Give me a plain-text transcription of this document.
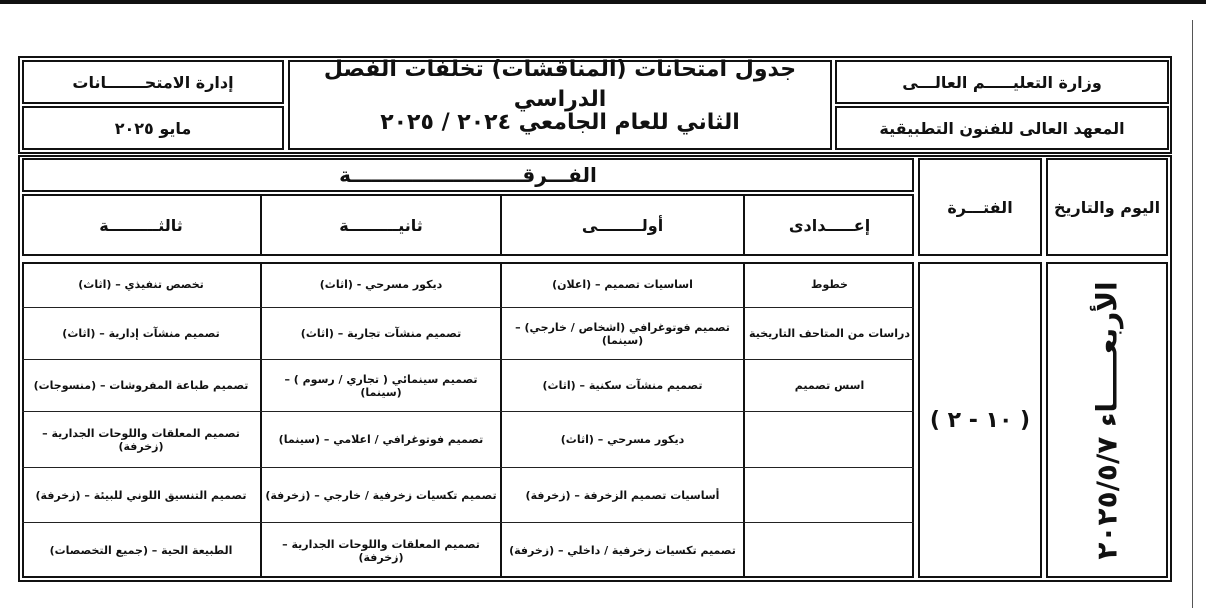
وزارة التعليـــــم العالـــى
المعهد العالى للفنون التطبيقية
جدول امتحانات (المناقشات) تخلفات الفصل الدراسي
الثاني للعام الجامعي ٢٠٢٤ / ٢٠٢٥
إدارة الامتحـــــــانات
مايو ٢٠٢٥
اليوم والتاريخ
الفتـــرة
الفـــرقـــــــــــــــــــــــــة
إعـــــدادى
أولــــــــى
ثانيـــــــــة
ثالثـــــــــة
الأربعـــــاء ٢٠٢٥/٥/٧
( ١٠ - ٢ )
خطوط
اساسيات تصميم – (اعلان)
ديكور مسرحي - (اثاث)
تخصص تنفيذي – (اثاث)
دراسات من المتاحف التاريخية
تصميم فوتوغرافي (اشخاص / خارجي) – (سينما)
تصميم منشآت تجارية – (اثاث)
تصميم منشآت إدارية – (اثاث)
اسس تصميم
تصميم منشآت سكنية – (اثاث)
تصميم سينمائي ( تجاري / رسوم ) – (سينما)
تصميم طباعة المفروشات – (منسوجات)
ديكور مسرحي – (اثاث)
تصميم فوتوغرافي / اعلامي – (سينما)
تصميم المعلقات واللوحات الجدارية – (زخرفة)
أساسيات تصميم الزخرفة – (زخرفة)
تصميم تكسيات زخرفية / خارجي – (زخرفة)
تصميم التنسيق اللوني للبيئة – (زخرفة)
تصميم تكسيات زخرفية / داخلي – (زخرفة)
تصميم المعلقات واللوحات الجدارية – (زخرفة)
الطبيعة الحية – (جميع التخصصات)
